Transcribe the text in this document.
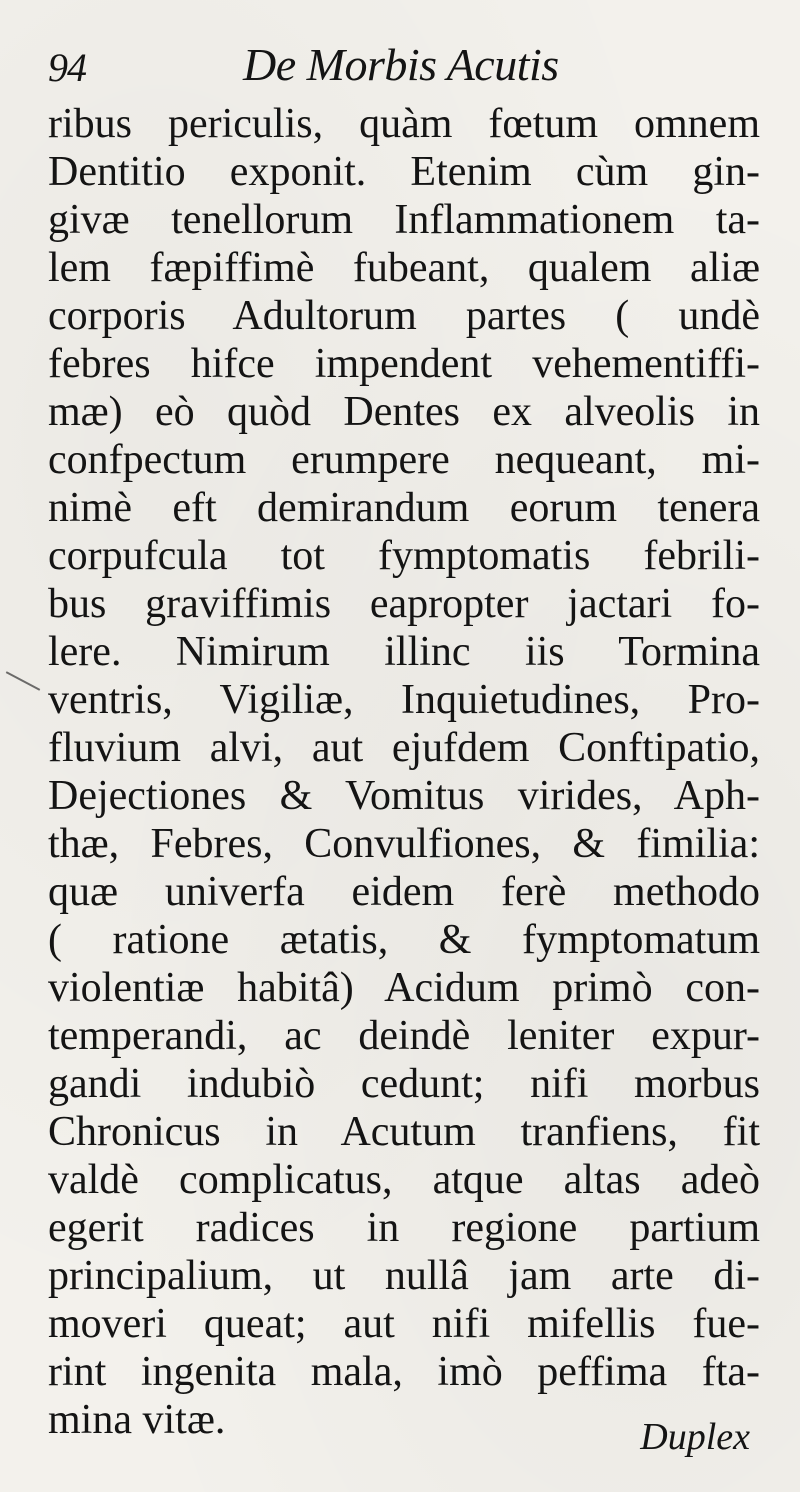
94	De Morbis Acutis
ribus periculis, quàm fœtum omnem
Dentitio exponit. Etenim cùm gin-
givæ tenellorum Inflammationem ta-
lem fæpiffimè fubeant, qualem aliæ
corporis Adultorum partes ( undè
febres hifce impendent vehementiffi-
mæ) eò quòd Dentes ex alveolis in
confpectum erumpere nequeant, mi-
nimè eft demirandum eorum tenera
corpufcula tot fymptomatis febrili-
bus graviffimis eapropter jactari fo-
lere. Nimirum illinc iis Tormina
ventris, Vigiliæ, Inquietudines, Pro-
fluvium alvi, aut ejufdem Conftipatio,
Dejectiones & Vomitus virides, Aph-
thæ, Febres, Convulfiones, & fimilia:
quæ univerfa eidem ferè methodo
( ratione ætatis, & fymptomatum
violentiæ habitâ) Acidum primò con-
temperandi, ac deindè leniter expur-
gandi indubiò cedunt; nifi morbus
Chronicus in Acutum tranfiens, fit
valdè complicatus, atque altas adeò
egerit radices in regione partium
principalium, ut nullâ jam arte di-
moveri queat; aut nifi mifellis fue-
rint ingenita mala, imò peffima fta-
mina vitæ.	Duplex
